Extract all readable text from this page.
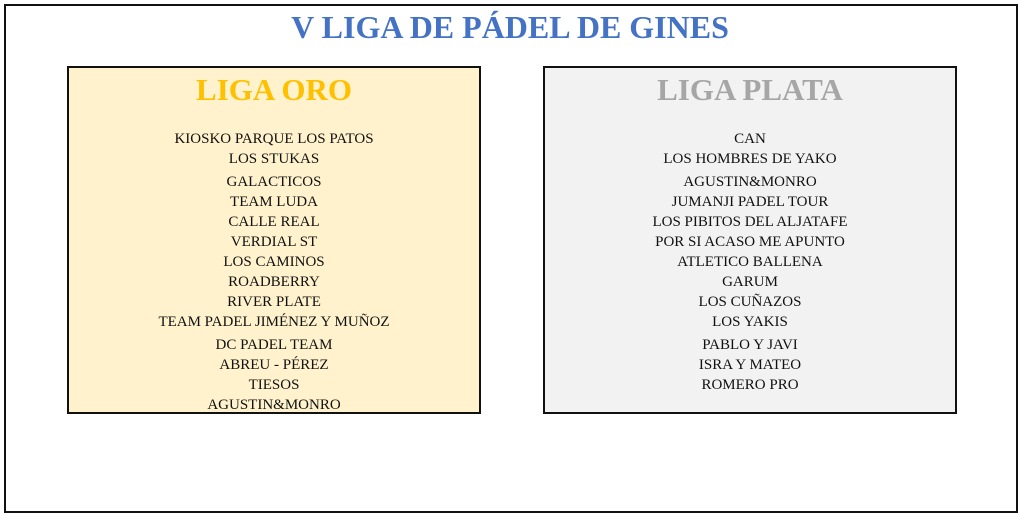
V LIGA DE PÁDEL DE GINES
LIGA ORO
KIOSKO PARQUE LOS PATOS
LOS STUKAS
GALACTICOS
TEAM LUDA
CALLE REAL
VERDIAL ST
LOS CAMINOS
ROADBERRY
RIVER PLATE
TEAM PADEL JIMÉNEZ Y MUÑOZ
DC PADEL TEAM
ABREU - PÉREZ
TIESOS
AGUSTIN&MONRO
LIGA PLATA
CAN
LOS HOMBRES DE YAKO
AGUSTIN&MONRO
JUMANJI PADEL TOUR
LOS PIBITOS DEL ALJATAFE
POR SI ACASO ME APUNTO
ATLETICO BALLENA
GARUM
LOS CUÑAZOS
LOS YAKIS
PABLO Y JAVI
ISRA Y MATEO
ROMERO PRO
